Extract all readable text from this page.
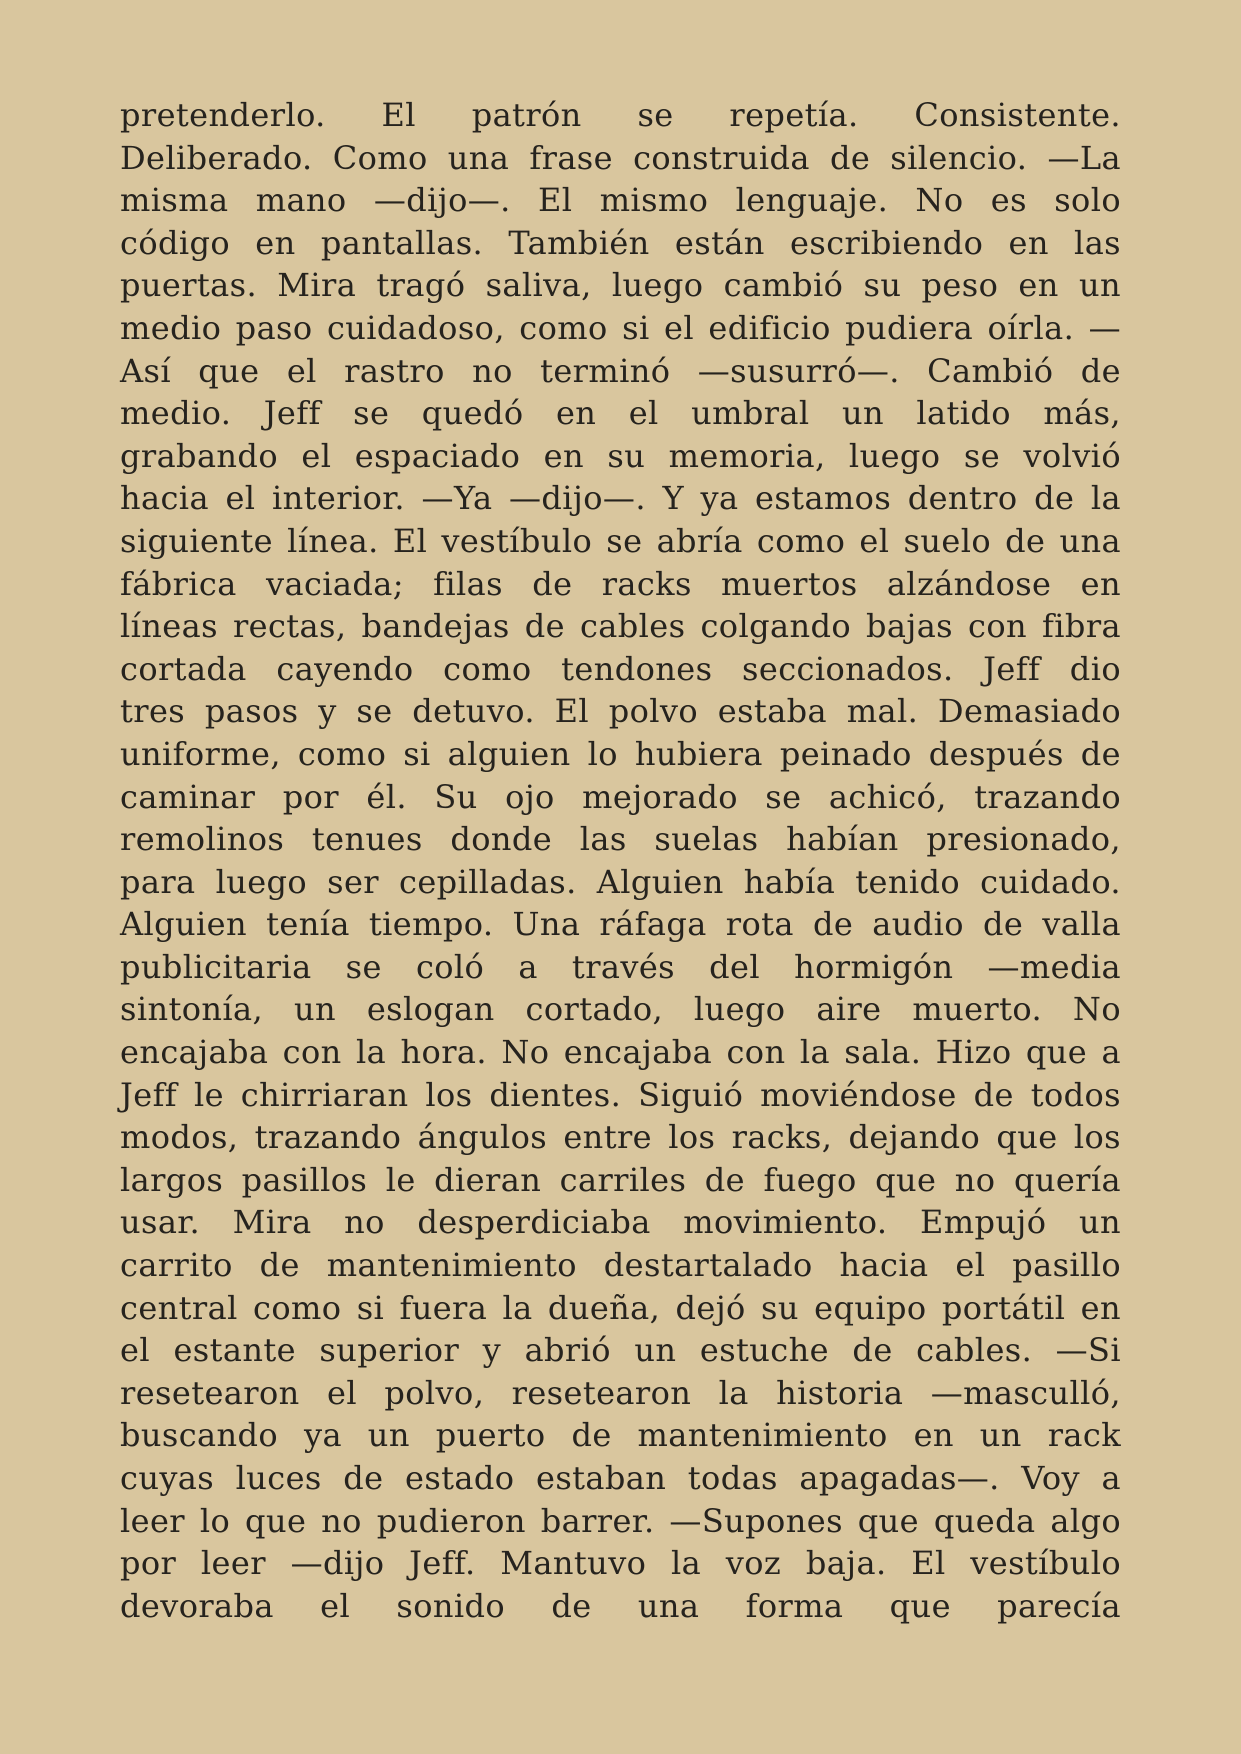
pretenderlo. El patrón se repetía. Consistente.
Deliberado. Como una frase construida de silencio. —La
misma mano —dijo—. El mismo lenguaje. No es solo
código en pantallas. También están escribiendo en las
puertas. Mira tragó saliva, luego cambió su peso en un
medio paso cuidadoso, como si el edificio pudiera oírla. —
Así que el rastro no terminó —susurró—. Cambió de
medio. Jeff se quedó en el umbral un latido más,
grabando el espaciado en su memoria, luego se volvió
hacia el interior. —Ya —dijo—. Y ya estamos dentro de la
siguiente línea. El vestíbulo se abría como el suelo de una
fábrica vaciada; filas de racks muertos alzándose en
líneas rectas, bandejas de cables colgando bajas con fibra
cortada cayendo como tendones seccionados. Jeff dio
tres pasos y se detuvo. El polvo estaba mal. Demasiado
uniforme, como si alguien lo hubiera peinado después de
caminar por él. Su ojo mejorado se achicó, trazando
remolinos tenues donde las suelas habían presionado,
para luego ser cepilladas. Alguien había tenido cuidado.
Alguien tenía tiempo. Una ráfaga rota de audio de valla
publicitaria se coló a través del hormigón —media
sintonía, un eslogan cortado, luego aire muerto. No
encajaba con la hora. No encajaba con la sala. Hizo que a
Jeff le chirriaran los dientes. Siguió moviéndose de todos
modos, trazando ángulos entre los racks, dejando que los
largos pasillos le dieran carriles de fuego que no quería
usar. Mira no desperdiciaba movimiento. Empujó un
carrito de mantenimiento destartalado hacia el pasillo
central como si fuera la dueña, dejó su equipo portátil en
el estante superior y abrió un estuche de cables. —Si
resetearon el polvo, resetearon la historia —masculló,
buscando ya un puerto de mantenimiento en un rack
cuyas luces de estado estaban todas apagadas—. Voy a
leer lo que no pudieron barrer. —Supones que queda algo
por leer —dijo Jeff. Mantuvo la voz baja. El vestíbulo
devoraba el sonido de una forma que parecía
